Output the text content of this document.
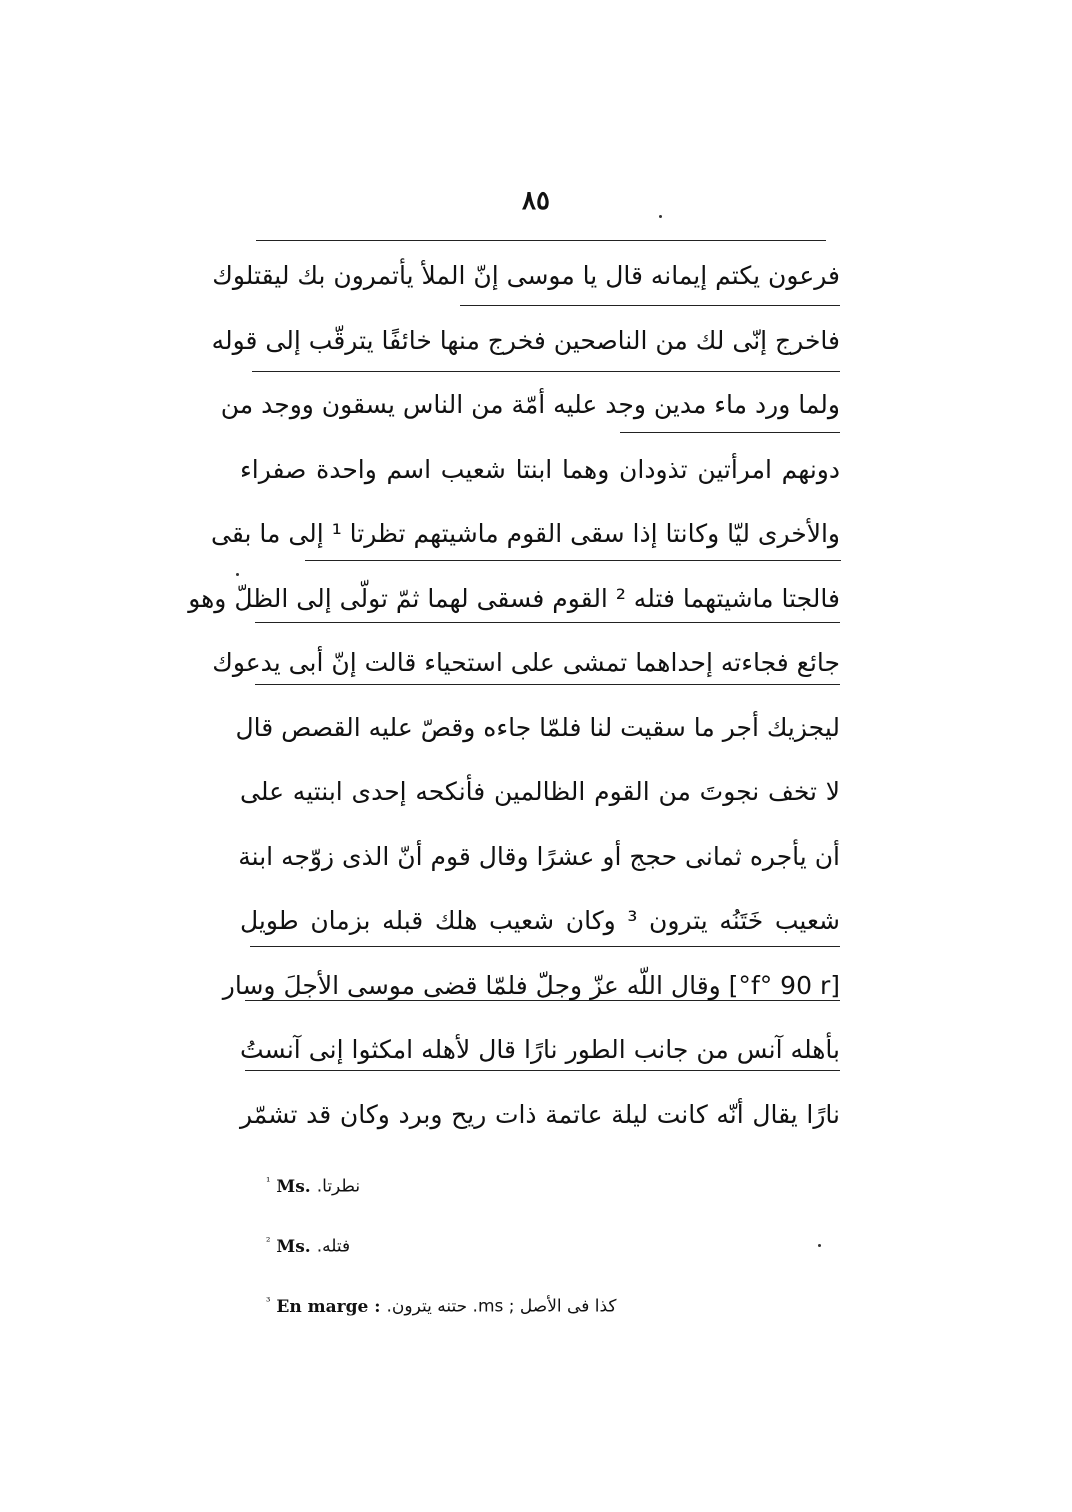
٨٥
فرعون يكتم إيمانه قال يا موسى إنّ الملأ يأتمرون بك ليقتلوك
فاخرج إنّى لك من الناصحين فخرج منها خائفًا يترقّب إلى قوله
ولما ورد ماء مدين وجد عليه أمّة من الناس يسقون ووجد من
دونهم امرأتين تذودان وهما ابنتا شعيب اسم واحدة صفراء
والأخرى ليّا وكانتا إذا سقى القوم ماشيتهم تظرتا ¹ إلى ما بقى
فالجتا ماشيتهما فتله ² القوم فسقى لهما ثمّ تولّى إلى الظلّ وهو
جائع فجاءته إحداهما تمشى على استحياء قالت إنّ أبى يدعوك
ليجزيك أجر ما سقيت لنا فلمّا جاءه وقصّ عليه القصص قال
لا تخف نجوتَ من القوم الظالمين فأنكحه إحدى ابنتيه على
أن يأجره ثمانى حجج أو عشرًا وقال قوم أنّ الذى زوّجه ابنة
شعيب خَتَنُه يترون ³ وكان شعيب هلك قبله بزمان طويل
[f° 90 r°] وقال اللّه عزّ وجلّ فلمّا قضى موسى الأجلَ وسار
بأهله آنس من جانب الطور نارًا قال لأهله امكثوا إنى آنستُ
نارًا يقال أنّه كانت ليلة عاتمة ذات ريح وبرد وكان قد تشمّر
$^{^1}$ Ms. نطرتا.
$^{^2}$ Ms. فتله.
$^{^3}$ En marge : كذا فى الأصل ; ms. حتنه يترون.
